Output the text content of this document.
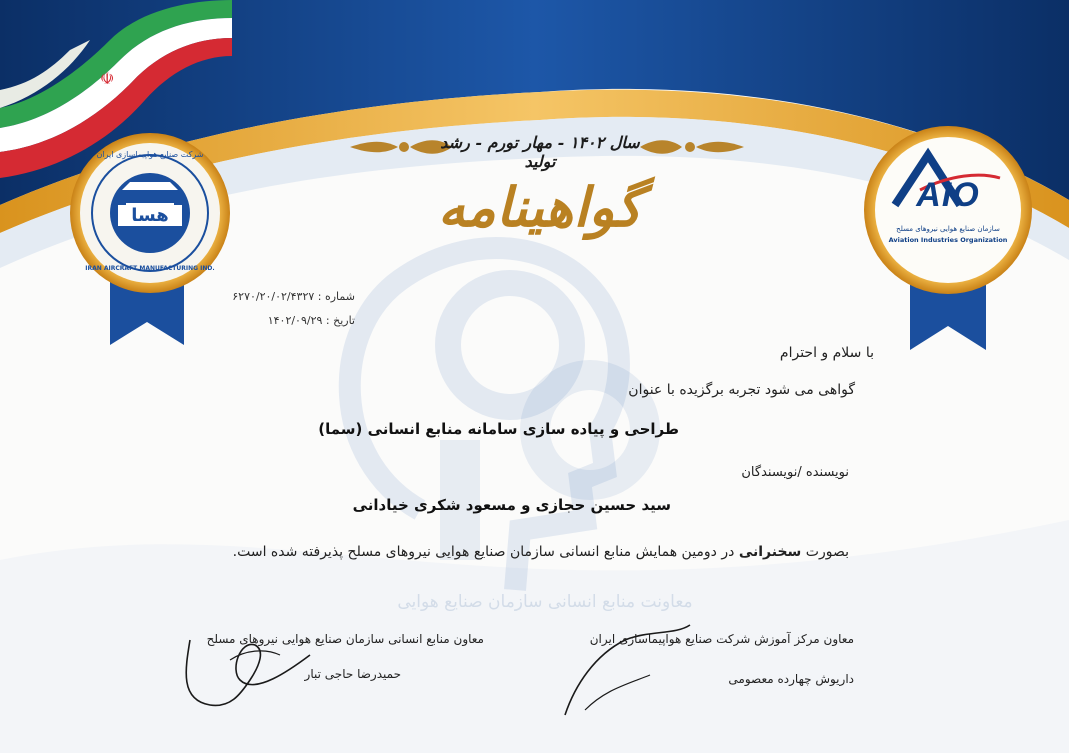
☫
هسا
شرکت صنایع هواپیماسازی ایران
IRAN AIRCRAFT MANUFACTURING IND.
AIO
سازمان صنایع هوایی نیروهای مسلح
Aviation Industries Organization
سال ۱۴۰۲ - مهار تورم - رشد تولید
گواهینامه
شماره : ۶۲۷۰/۲۰/۰۲/۴۳۲۷
تاریخ : ۱۴۰۲/۰۹/۲۹
با سلام و احترام
گواهی می شود تجربه برگزیده با عنوان
طراحی و پیاده سازی سامانه منابع انسانی (سما)
نویسنده /نویسندگان
سید حسین حجازی و مسعود شکری خیادانی
بصورت سخنرانی در دومین همایش منابع انسانی سازمان صنایع هوایی نیروهای مسلح پذیرفته شده است.
معاونت منابع انسانی سازمان صنایع هوایی
معاون مرکز آموزش شرکت صنایع هواپیماسازی ایران
داریوش چهارده معصومی
معاون منابع انسانی سازمان صنایع هوایی نیروهای مسلح
حمیدرضا حاجی تبار
